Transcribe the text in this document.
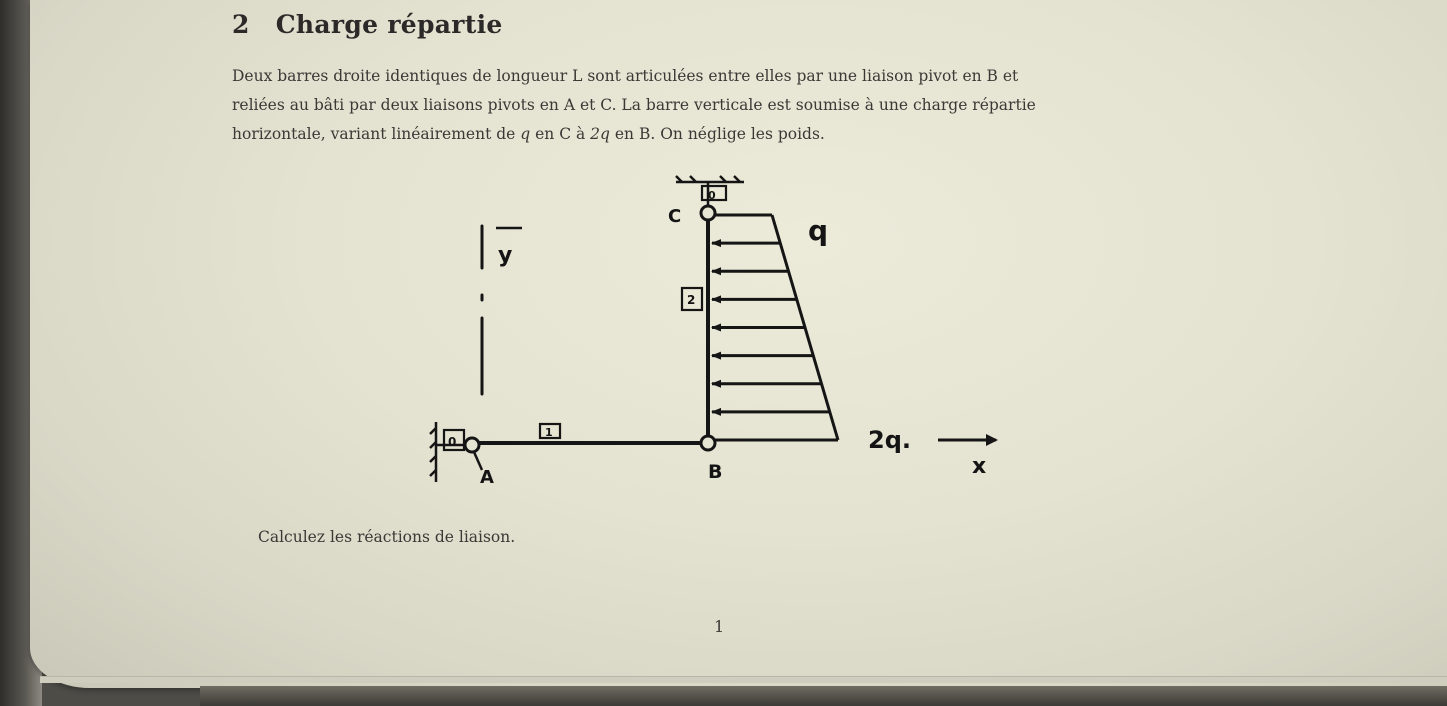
2 Charge répartie

Deux barres droite identiques de longueur L sont articulées entre elles par une liaison pivot en B et
reliées au bâti par deux liaisons pivots en A et C. La barre verticale est soumise à une charge répartie
horizontale, variant linéairement de q en C à 2q en B. On néglige les poids.

y
x
0
0
1
2
C
B
A
q
2q.

Calculez les réactions de liaison.

1
